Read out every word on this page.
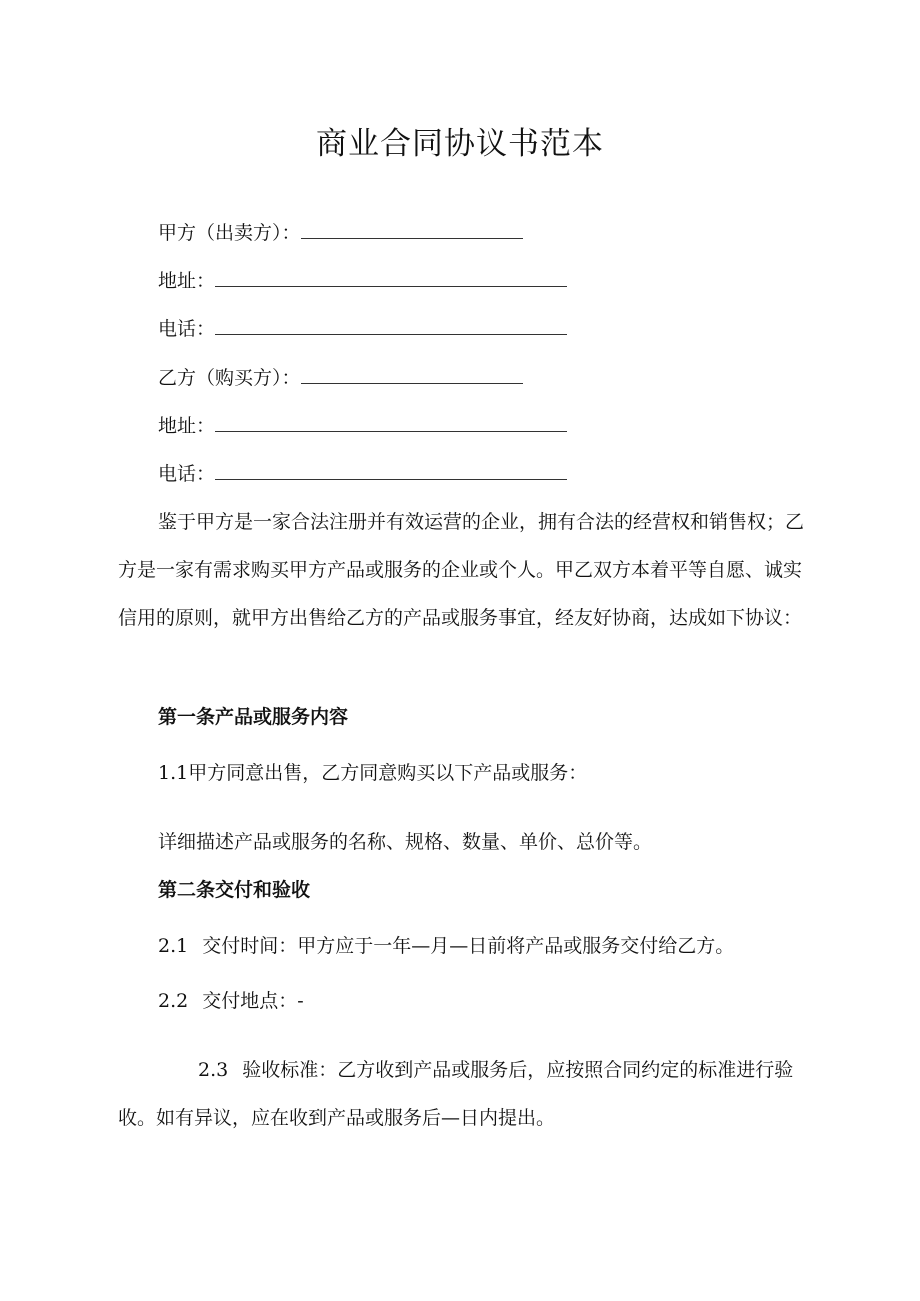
商业合同协议书范本
甲方（出卖方）：
地址：
电话：
乙方（购买方）：
地址：
电话：

鉴于甲方是一家合法注册并有效运营的企业，拥有合法的经营权和销售权；乙方是一家有需求购买甲方产品或服务的企业或个人。甲乙双方本着平等自愿、诚实信用的原则，就甲方出售给乙方的产品或服务事宜，经友好协商，达成如下协议：

第一条产品或服务内容
1.1甲方同意出售，乙方同意购买以下产品或服务：
详细描述产品或服务的名称、规格、数量、单价、总价等。
第二条交付和验收
2.1 交付时间：甲方应于一年—月—日前将产品或服务交付给乙方。
2.2 交付地点：-

2.3 验收标准：乙方收到产品或服务后，应按照合同约定的标准进行验收。如有异议，应在收到产品或服务后—日内提出。
